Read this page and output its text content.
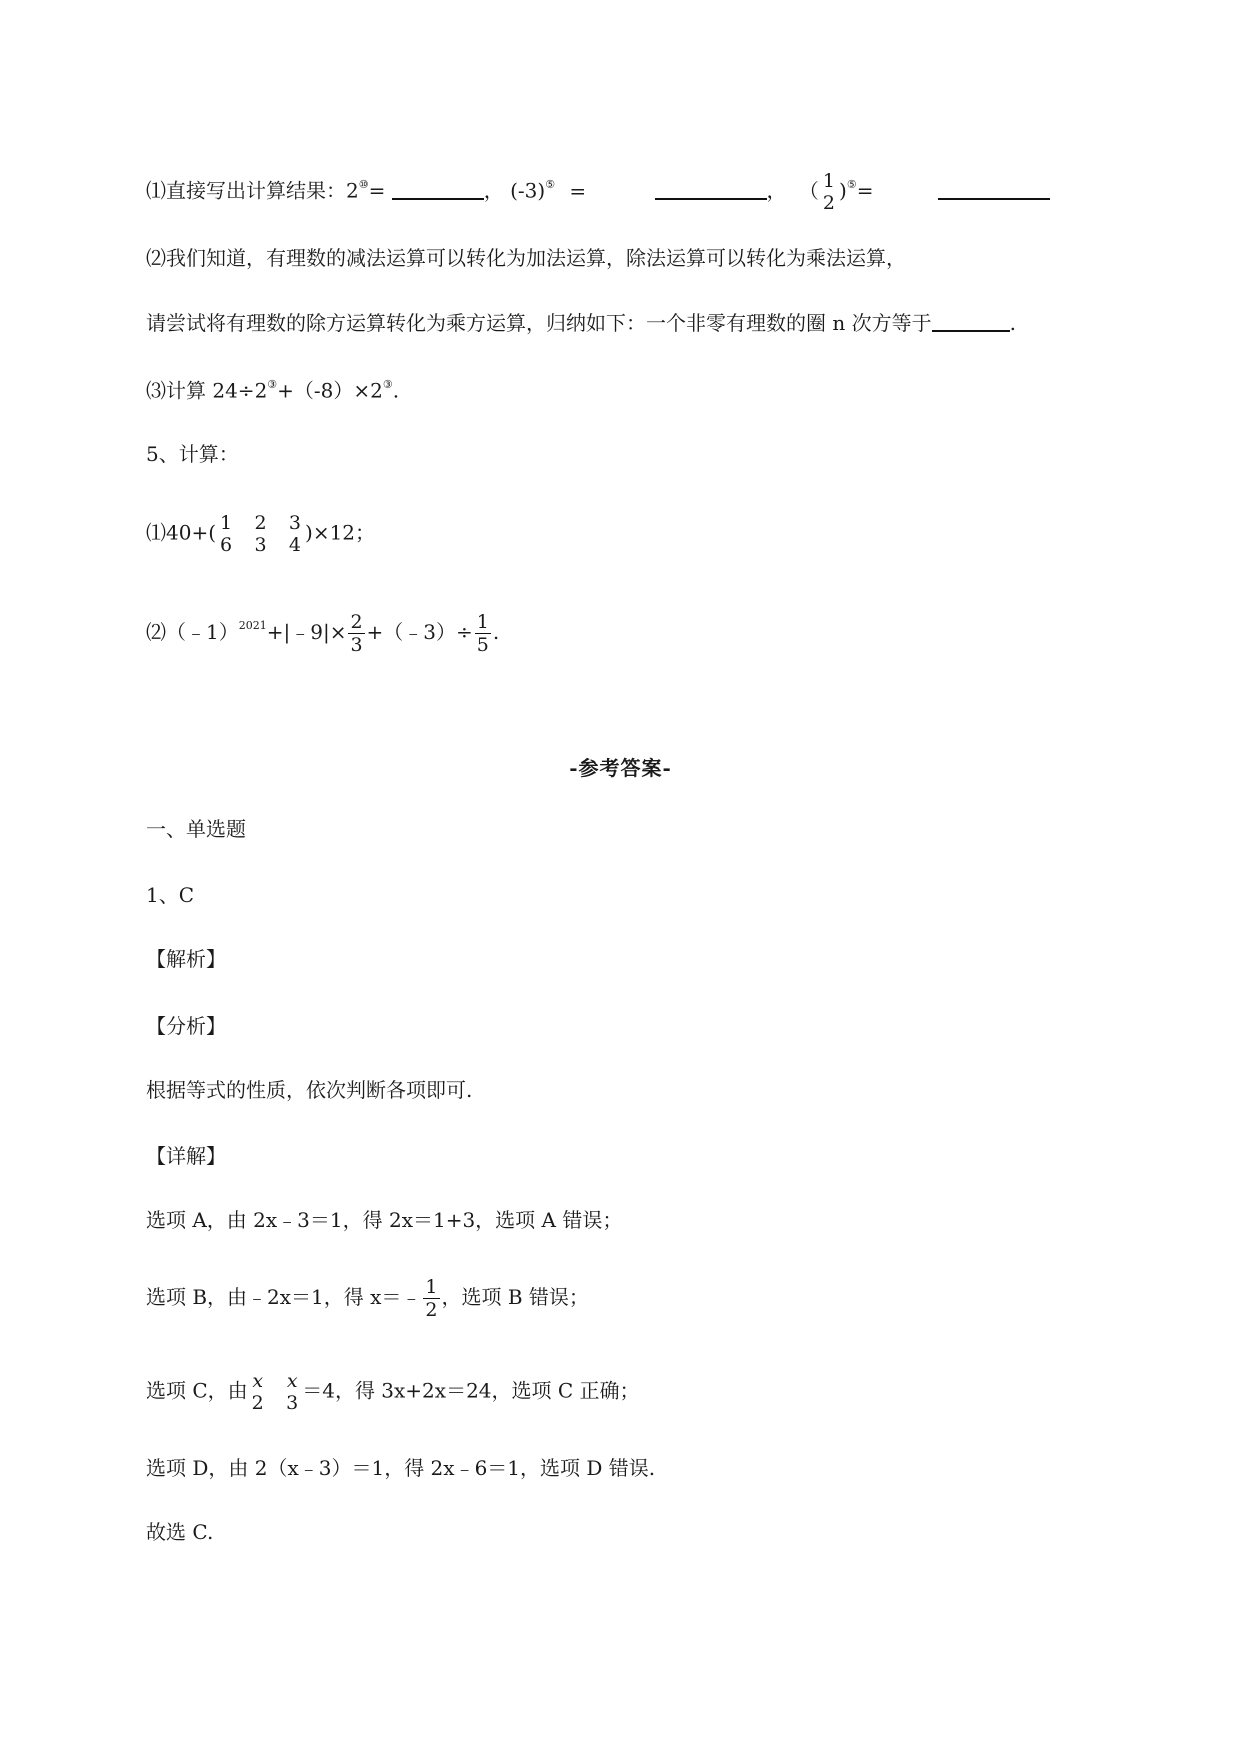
⑴直接写出计算结果：2⑩=	， (-3)⑤ =	， （ 1
2
)⑤=
⑵我们知道，有理数的减法运算可以转化为加法运算，除法运算可以转化为乘法运算，
请尝试将有理数的除方运算转化为乘方运算，归纳如下：一个非零有理数的圈 n 次方等于	.
⑶计算 24÷2③+（-8）×2③.
5、计算：
⑴40+( 1
6

2
3

3
4
)×12；
⑵（﹣1）$^{2021}$+|﹣9|× $\frac{2}{3}$ +（﹣3）÷ $\frac{1}{5}$ .
-参考答案-
一、单选题
1、C
【解析】
【分析】
根据等式的性质，依次判断各项即可.
【详解】
选项 A，由 2x﹣3＝1，得 2x＝1+3，选项 A 错误；
选项 B，由﹣2x＝1，得 x＝﹣ $\frac{1}{2}$ ，选项 B 错误；
选项 C，由 x
2

x
3
＝4，得 3x+2x＝24，选项 C 正确；
选项 D，由 2（x﹣3）＝1，得 2x﹣6＝1，选项 D 错误.
故选 C.
